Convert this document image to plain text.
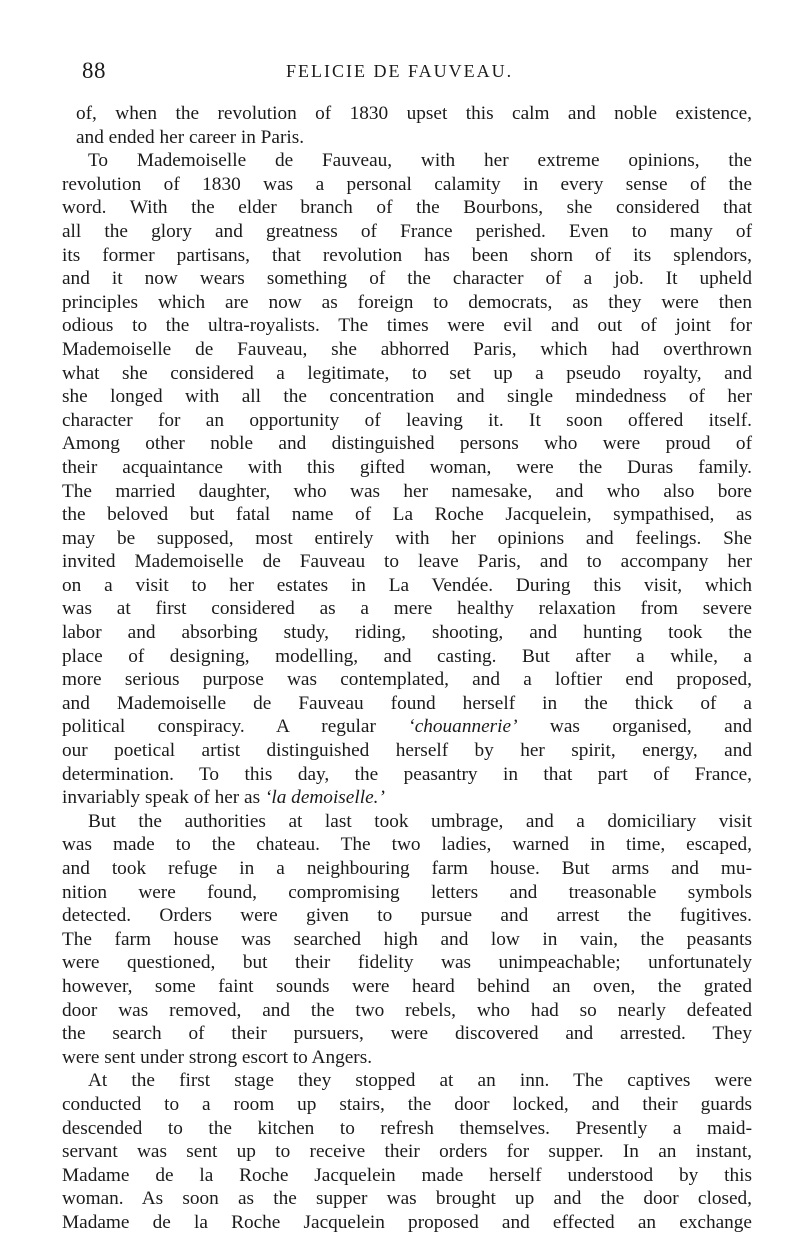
88	FELICIE DE FAUVEAU.

of, when the revolution of 1830 upset this calm and noble existence,
and ended her career in Paris.

To Mademoiselle de Fauveau, with her extreme opinions, the
revolution of 1830 was a personal calamity in every sense of the
word. With the elder branch of the Bourbons, she considered that
all the glory and greatness of France perished. Even to many of
its former partisans, that revolution has been shorn of its splendors,
and it now wears something of the character of a job. It upheld
principles which are now as foreign to democrats, as they were then
odious to the ultra-royalists. The times were evil and out of joint for
Mademoiselle de Fauveau, she abhorred Paris, which had overthrown
what she considered a legitimate, to set up a pseudo royalty, and
she longed with all the concentration and single mindedness of her
character for an opportunity of leaving it. It soon offered itself.
Among other noble and distinguished persons who were proud of
their acquaintance with this gifted woman, were the Duras family.
The married daughter, who was her namesake, and who also bore
the beloved but fatal name of La Roche Jacquelein, sympathised, as
may be supposed, most entirely with her opinions and feelings. She
invited Mademoiselle de Fauveau to leave Paris, and to accompany her
on a visit to her estates in La Vendée. During this visit, which
was at first considered as a mere healthy relaxation from severe
labor and absorbing study, riding, shooting, and hunting took the
place of designing, modelling, and casting. But after a while, a
more serious purpose was contemplated, and a loftier end proposed,
and Mademoiselle de Fauveau found herself in the thick of a
political conspiracy. A regular ‘chouannerie’ was organised, and
our poetical artist distinguished herself by her spirit, energy, and
determination. To this day, the peasantry in that part of France,
invariably speak of her as ‘la demoiselle.’

But the authorities at last took umbrage, and a domiciliary visit
was made to the chateau. The two ladies, warned in time, escaped,
and took refuge in a neighbouring farm house. But arms and mu-
nition were found, compromising letters and treasonable symbols
detected. Orders were given to pursue and arrest the fugitives.
The farm house was searched high and low in vain, the peasants
were questioned, but their fidelity was unimpeachable; unfortunately
however, some faint sounds were heard behind an oven, the grated
door was removed, and the two rebels, who had so nearly defeated
the search of their pursuers, were discovered and arrested. They
were sent under strong escort to Angers.

At the first stage they stopped at an inn. The captives were
conducted to a room up stairs, the door locked, and their guards
descended to the kitchen to refresh themselves. Presently a maid-
servant was sent up to receive their orders for supper. In an instant,
Madame de la Roche Jacquelein made herself understood by this
woman. As soon as the supper was brought up and the door closed,
Madame de la Roche Jacquelein proposed and effected an exchange
